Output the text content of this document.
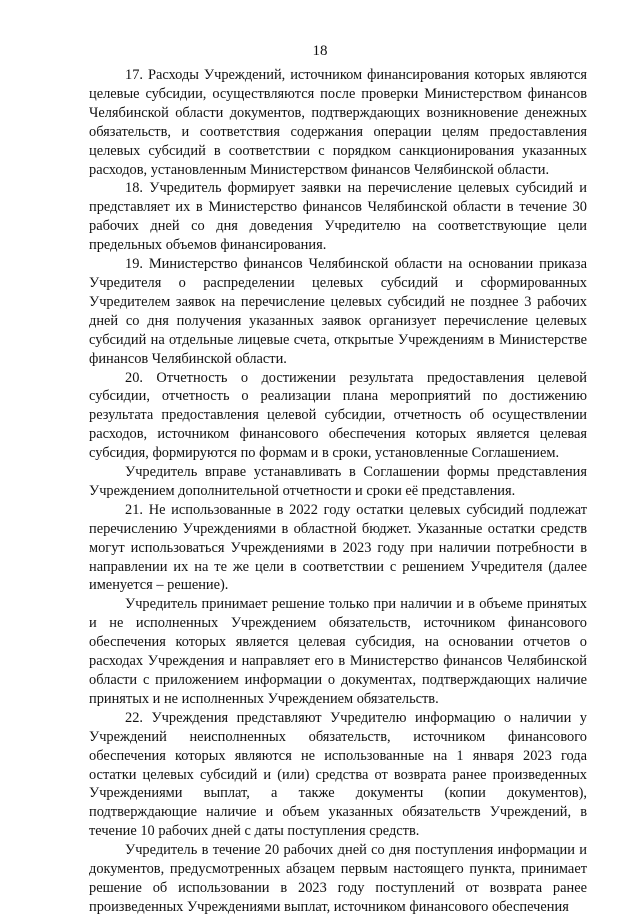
18

17. Расходы Учреждений, источником финансирования которых являются целевые субсидии, осуществляются после проверки Министерством финансов Челябинской области документов, подтверждающих возникновение денежных обязательств, и соответствия содержания операции целям предоставления целевых субсидий в соответствии с порядком санкционирования указанных расходов, установленным Министерством финансов Челябинской области.

18. Учредитель формирует заявки на перечисление целевых субсидий и представляет их в Министерство финансов Челябинской области в течение 30 рабочих дней со дня доведения Учредителю на соответствующие цели предельных объемов финансирования.

19. Министерство финансов Челябинской области на основании приказа Учредителя о распределении целевых субсидий и сформированных Учредителем заявок на перечисление целевых субсидий не позднее 3 рабочих дней со дня получения указанных заявок организует перечисление целевых субсидий на отдельные лицевые счета, открытые Учреждениям в Министерстве финансов Челябинской области.

20. Отчетность о достижении результата предоставления целевой субсидии, отчетность о реализации плана мероприятий по достижению результата предоставления целевой субсидии, отчетность об осуществлении расходов, источником финансового обеспечения которых является целевая субсидия, формируются по формам и в сроки, установленные Соглашением.

Учредитель вправе устанавливать в Соглашении формы представления Учреждением дополнительной отчетности и сроки её представления.

21. Не использованные в 2022 году остатки целевых субсидий подлежат перечислению Учреждениями в областной бюджет. Указанные остатки средств могут использоваться Учреждениями в 2023 году при наличии потребности в направлении их на те же цели в соответствии с решением Учредителя (далее именуется – решение).

Учредитель принимает решение только при наличии и в объеме принятых и не исполненных Учреждением обязательств, источником финансового обеспечения которых является целевая субсидия, на основании отчетов о расходах Учреждения и направляет его в Министерство финансов Челябинской области с приложением информации о документах, подтверждающих наличие принятых и не исполненных Учреждением обязательств.

22. Учреждения представляют Учредителю информацию о наличии у Учреждений неисполненных обязательств, источником финансового обеспечения которых являются не использованные на 1 января 2023 года остатки целевых субсидий и (или) средства от возврата ранее произведенных Учреждениями выплат, а также документы (копии документов), подтверждающие наличие и объем указанных обязательств Учреждений, в течение 10 рабочих дней с даты поступления средств.

Учредитель в течение 20 рабочих дней со дня поступления информации и документов, предусмотренных абзацем первым настоящего пункта, принимает решение об использовании в 2023 году поступлений от возврата ранее произведенных Учреждениями выплат, источником финансового обеспечения
